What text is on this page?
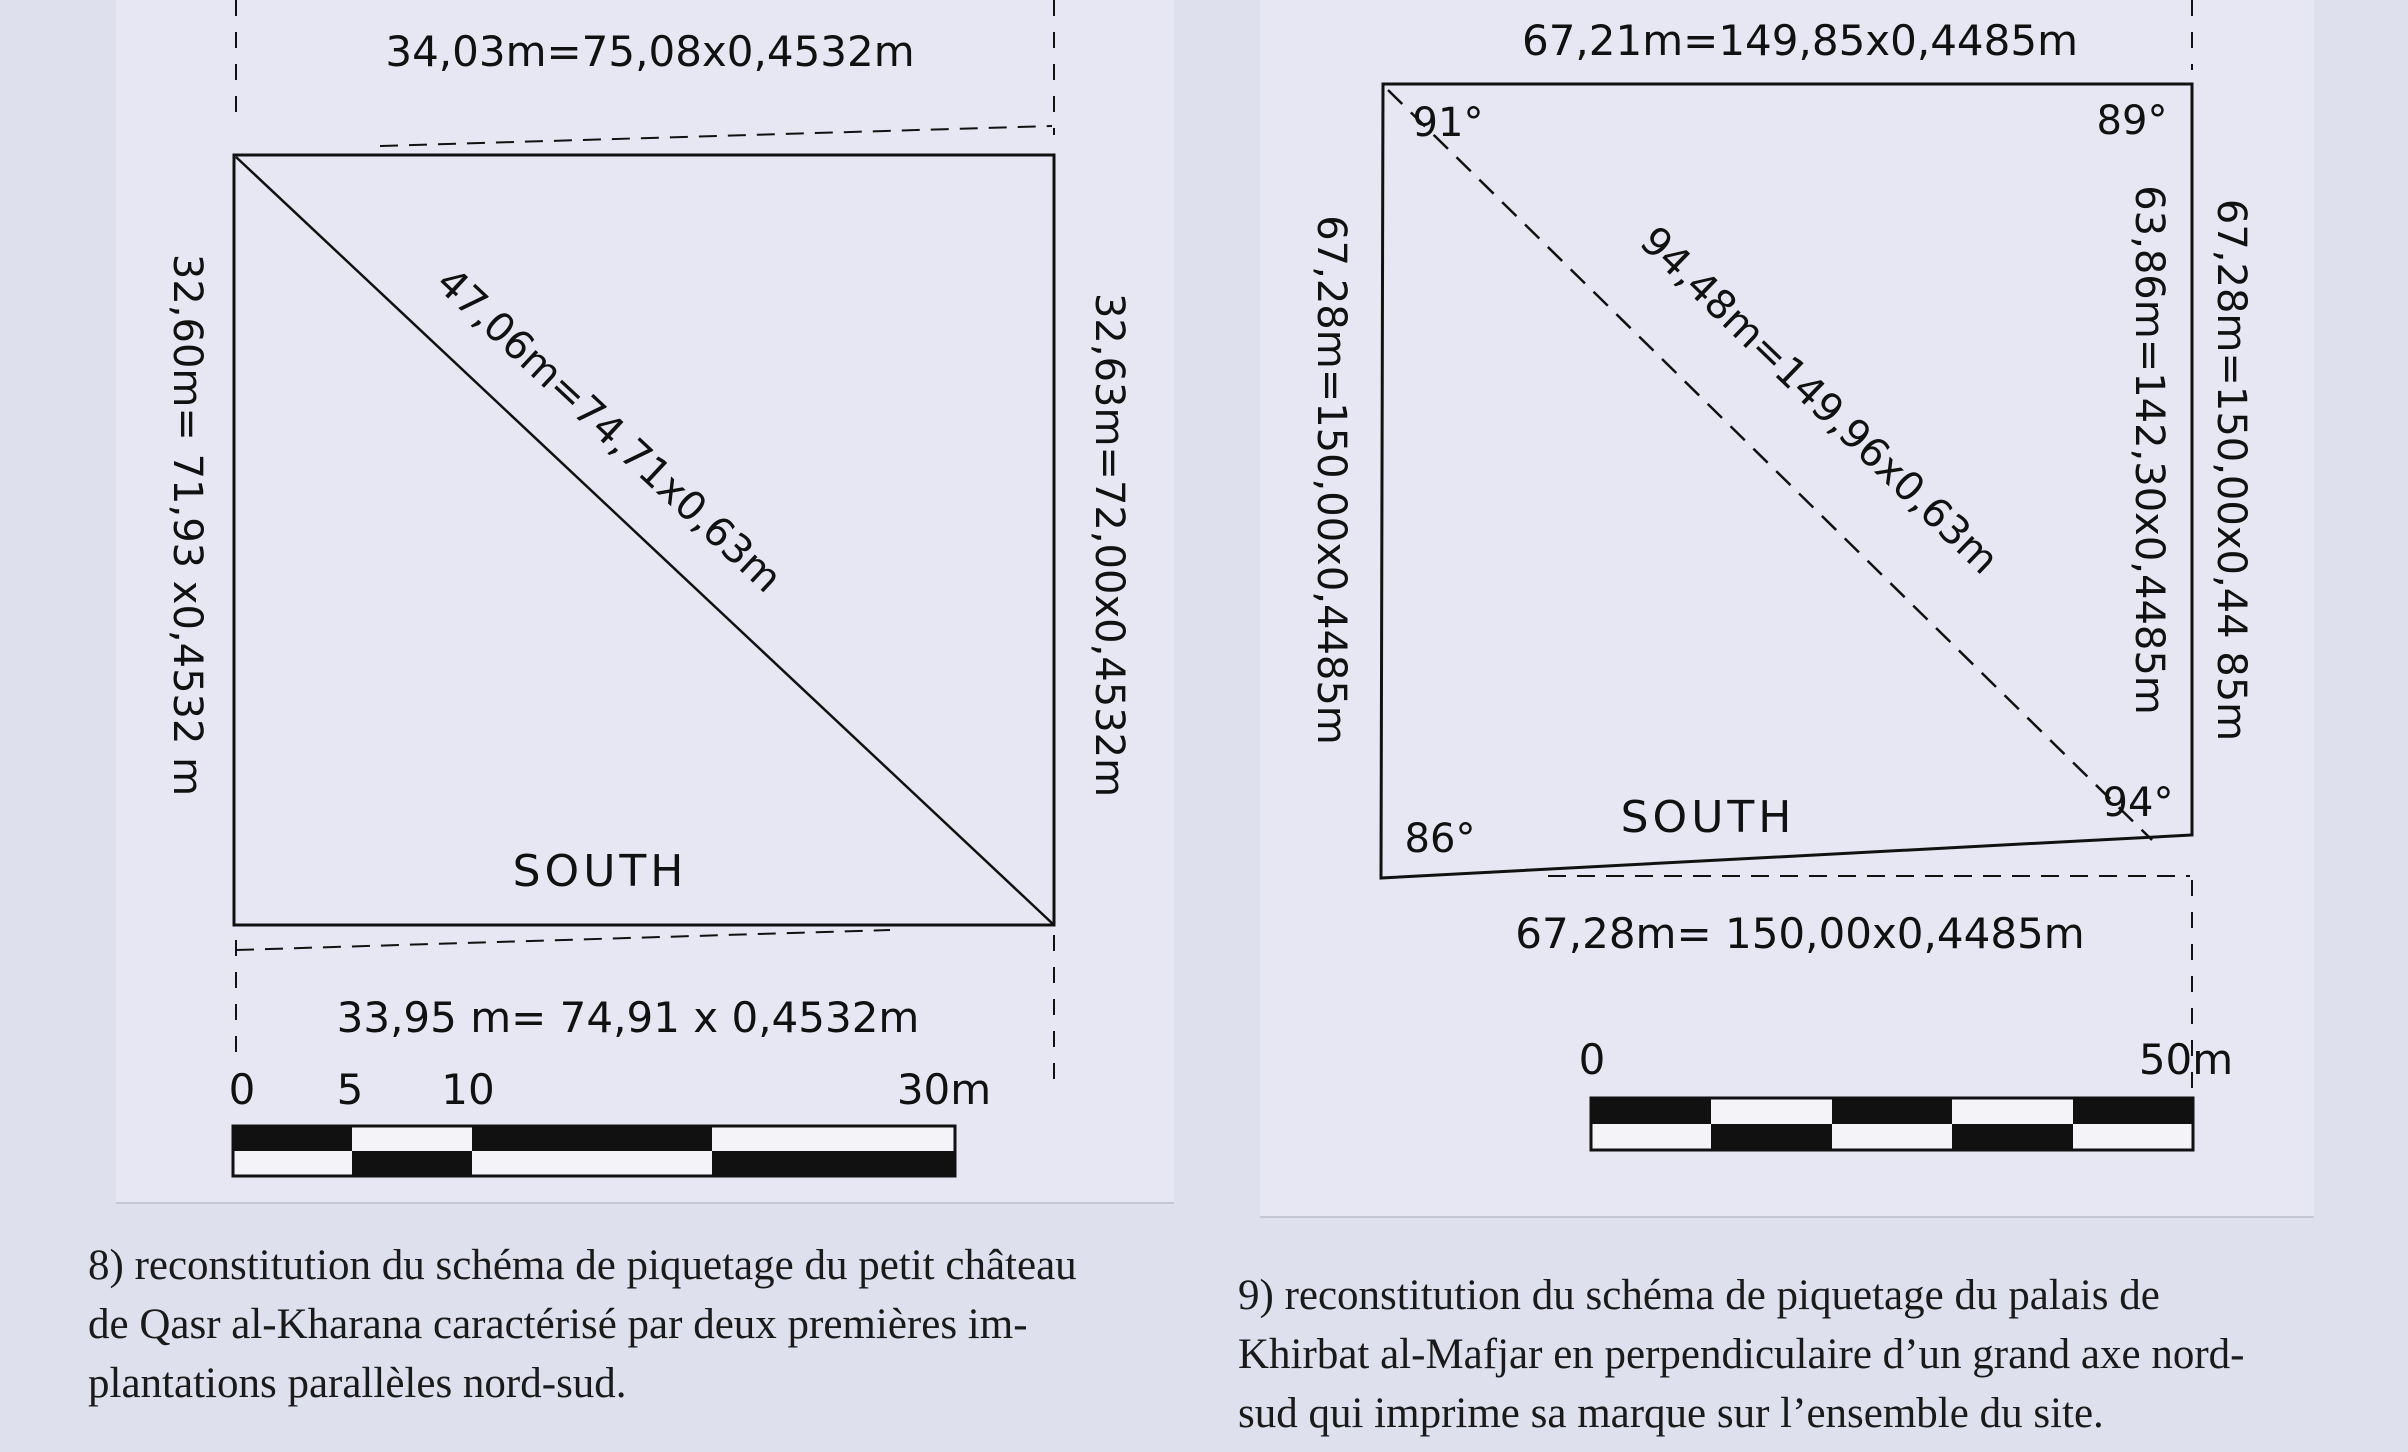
34,03m=75,08x0,4532m
32,60m= 71,93 x0,4532 m	32,63m=72,00x0,4532m
47,06m=74,71x0,63m
SOUTH
33,95 m= 74,91 x 0,4532m
0 5 10	30m
67,21m=149,85x0,4485m
67,28m=150,00x0,4485m	63,86m=142,30x0,4485m 67,28m=150,00x0,44 85m
94,48m=149,96x0,63m
SOUTH
91°	89°
86°
94°
67,28m= 150,00x0,4485m
0	50m

8) reconstitution du schéma de piquetage du petit château
de Qasr al-Kharana caractérisé par deux premières im-
plantations parallèles nord-sud.

9) reconstitution du schéma de piquetage du palais de
Khirbat al-Mafjar en perpendiculaire d’un grand axe nord-
sud qui imprime sa marque sur l’ensemble du site.
